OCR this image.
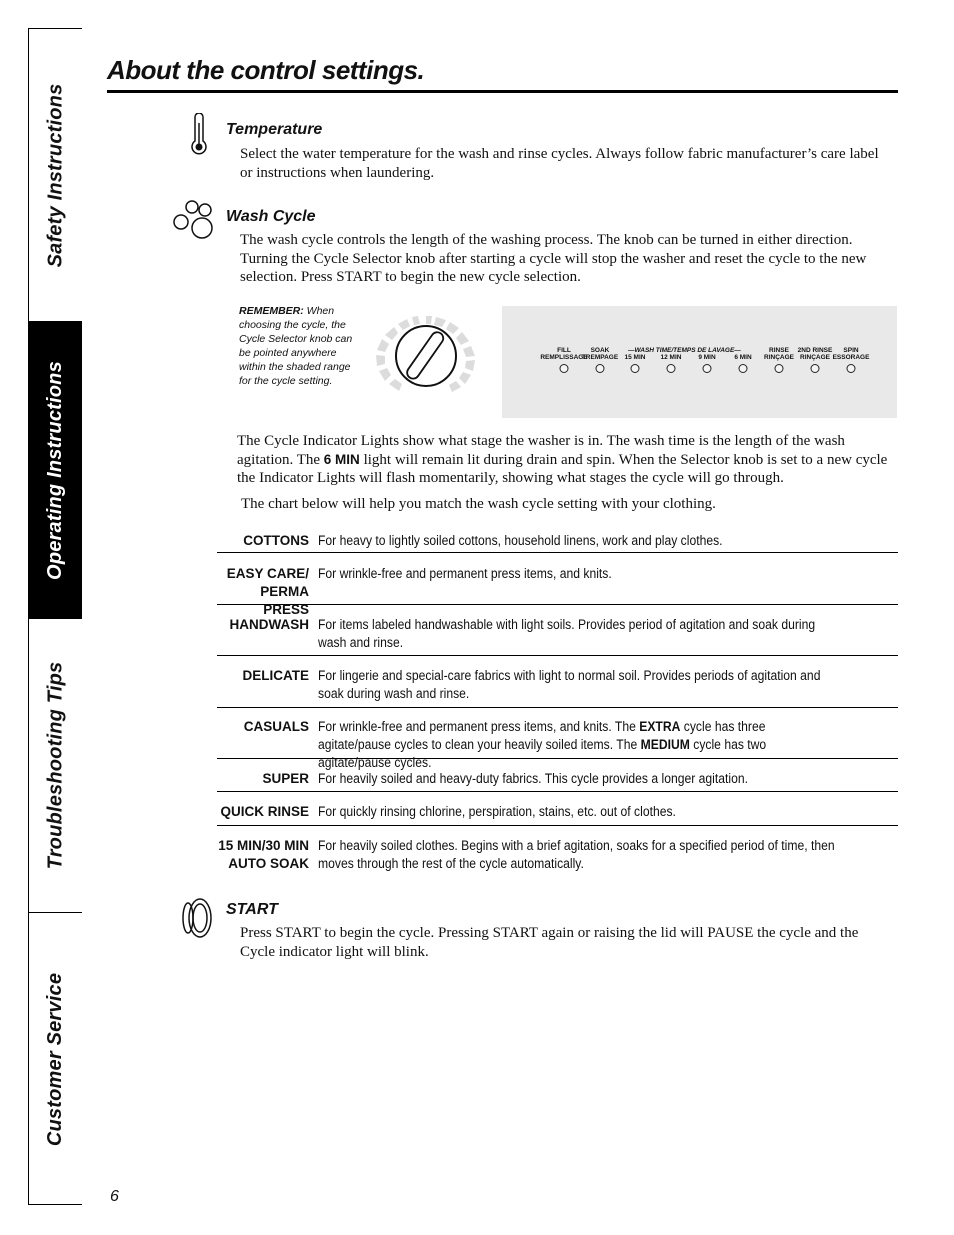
Safety Instructions
Operating Instructions
Troubleshooting Tips
Customer Service
About the control settings.
Temperature

Select the water temperature for the wash and rinse cycles. Always follow fabric manufacturer’s care label or instructions when laundering.

Wash Cycle

The wash cycle controls the length of the washing process. The knob can be turned in either direction. Turning the Cycle Selector knob after starting a cycle will stop the washer and reset the cycle to the new selection. Press START to begin the new cycle selection.

REMEMBER: When choosing the cycle, the Cycle Selector knob can be pointed anywhere within the shaded range for the cycle setting.
—WASH TIME/TEMPS DE LAVAGE—
FILL
REMPLISSAGE
SOAK
TREMPAGE 15 MIN 12 MIN	9 MIN	6 MIN
RINSE
RINÇAGE
2ND RINSE
RINÇAGE
SPIN
ESSORAGE

The Cycle Indicator Lights show what stage the washer is in. The wash time is the length of the wash agitation. The 6 MIN light will remain lit during drain and spin. When the Selector knob is set to a new cycle the Indicator Lights will flash momentarily, showing what stages the cycle will go through.

The chart below will help you match the wash cycle setting with your clothing.

COTTONS For heavy to lightly soiled cottons, household linens, work and play clothes.
EASY CARE/
PERMA PRESS
For wrinkle-free and permanent press items, and knits.
HANDWASH For items labeled handwashable with light soils. Provides period of agitation and soak during wash and rinse.
DELICATE For lingerie and special-care fabrics with light to normal soil. Provides periods of agitation and soak during wash and rinse.
CASUALS For wrinkle-free and permanent press items, and knits. The EXTRA cycle has three agitate/pause cycles to clean your heavily soiled items. The MEDIUM cycle has two agitate/pause cycles.
SUPER For heavily soiled and heavy-duty fabrics. This cycle provides a longer agitation.
QUICK RINSE For quickly rinsing chlorine, perspiration, stains, etc. out of clothes.
15 MIN/30 MIN
AUTO SOAK
For heavily soiled clothes. Begins with a brief agitation, soaks for a specified period of time, then moves through the rest of the cycle automatically.
START

Press START to begin the cycle. Pressing START again or raising the lid will PAUSE the cycle and the Cycle indicator light will blink.

6
